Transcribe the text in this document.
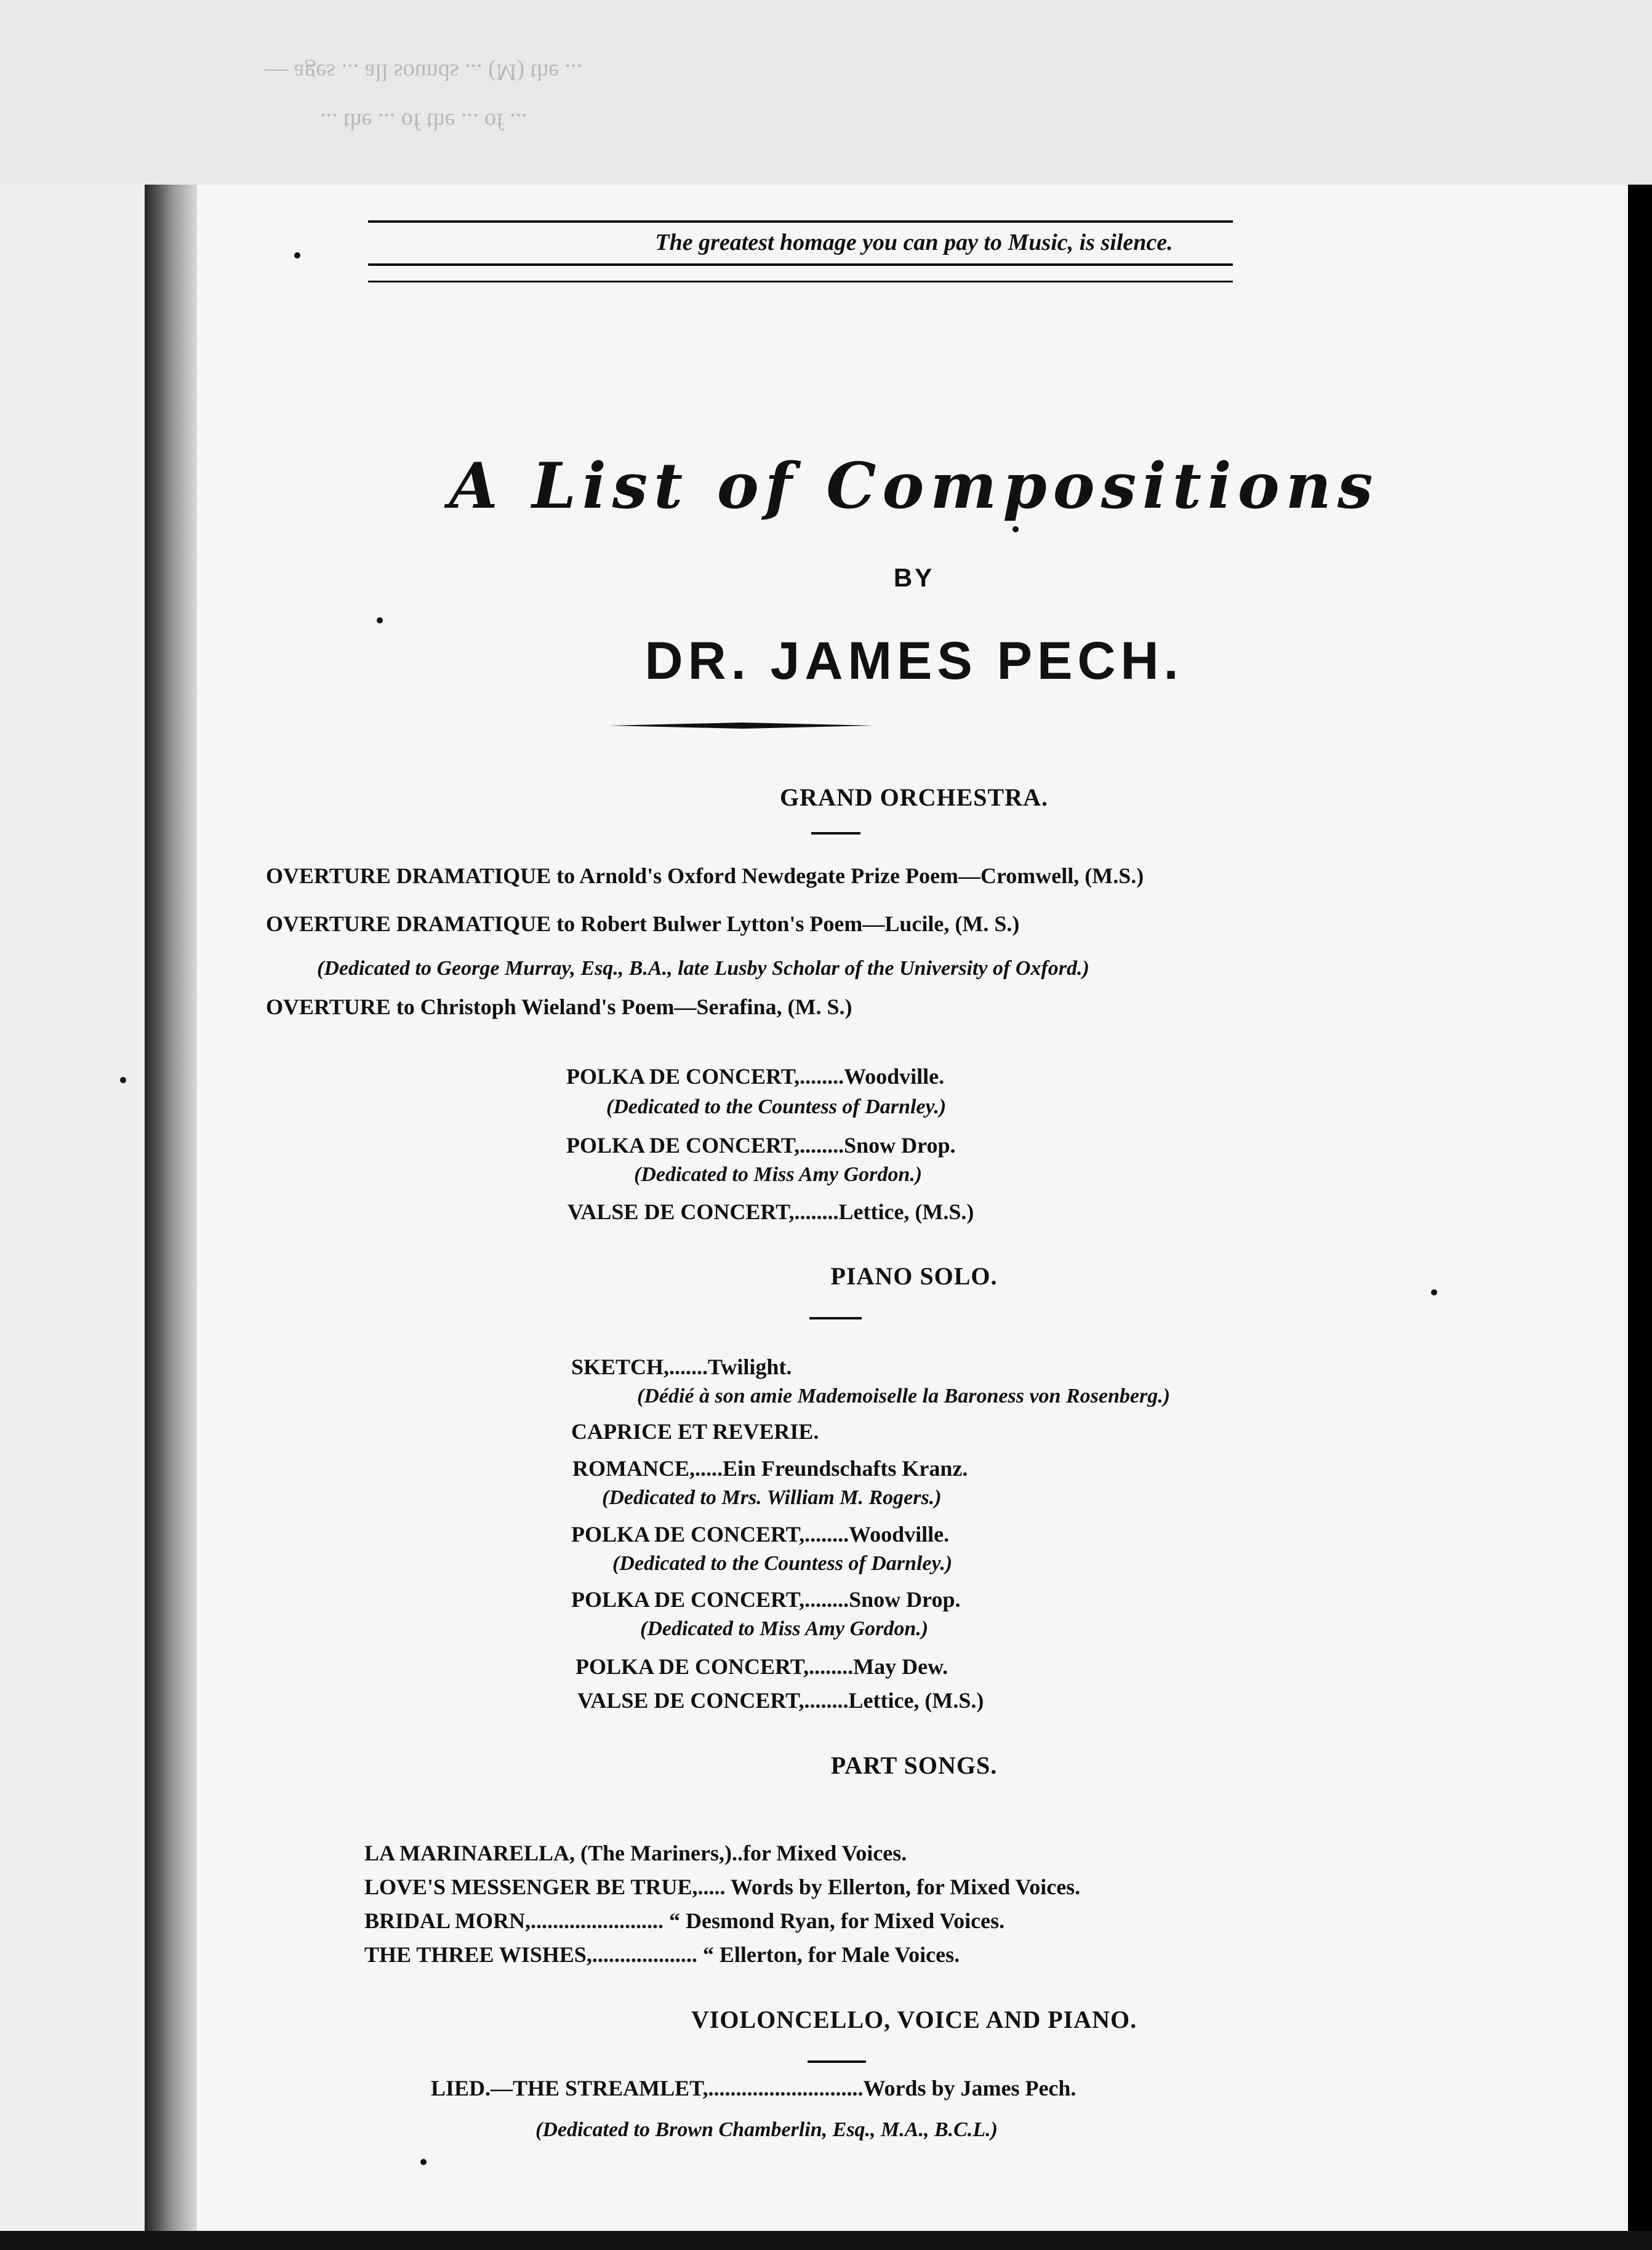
— ages ... all sounds ... (M) the ...
... the ... of the ... of ...
The greatest homage you can pay to Music, is silence.
A List of Compositions
BY
DR. JAMES PECH.
GRAND ORCHESTRA.
OVERTURE DRAMATIQUE to Arnold's Oxford Newdegate Prize Poem—Cromwell, (M.S.)
OVERTURE DRAMATIQUE to Robert Bulwer Lytton's Poem—Lucile, (M. S.)
(Dedicated to George Murray, Esq., B.A., late Lusby Scholar of the University of Oxford.)
OVERTURE to Christoph Wieland's Poem—Serafina, (M. S.)
POLKA DE CONCERT,........Woodville.
(Dedicated to the Countess of Darnley.)
POLKA DE CONCERT,........Snow Drop.
(Dedicated to Miss Amy Gordon.)
VALSE DE CONCERT,........Lettice, (M.S.)
PIANO SOLO.
SKETCH,.......Twilight.
(Dédié à son amie Mademoiselle la Baroness von Rosenberg.)
CAPRICE ET REVERIE.
ROMANCE,.....Ein Freundschafts Kranz.
(Dedicated to Mrs. William M. Rogers.)
POLKA DE CONCERT,........Woodville.
(Dedicated to the Countess of Darnley.)
POLKA DE CONCERT,........Snow Drop.
(Dedicated to Miss Amy Gordon.)
POLKA DE CONCERT,........May Dew.
VALSE DE CONCERT,........Lettice, (M.S.)
PART SONGS.
LA MARINARELLA, (The Mariners,)..for Mixed Voices.
LOVE'S MESSENGER BE TRUE,..... Words by Ellerton, for Mixed Voices.
BRIDAL MORN,........................ “ Desmond Ryan, for Mixed Voices.
THE THREE WISHES,................... “ Ellerton, for Male Voices.
VIOLONCELLO, VOICE AND PIANO.
LIED.—THE STREAMLET,............................Words by James Pech.
(Dedicated to Brown Chamberlin, Esq., M.A., B.C.L.)
